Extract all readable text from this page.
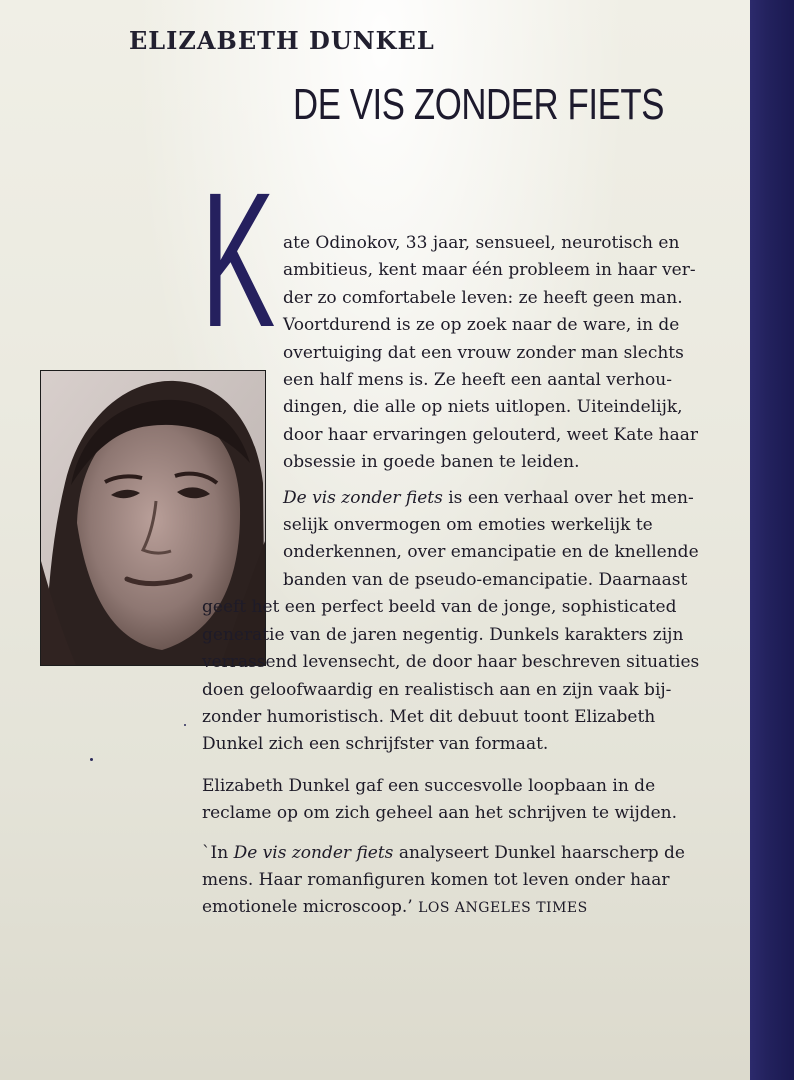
ELIZABETH DUNKEL
DE VIS ZONDER FIETS
K ate Odinokov, 33 jaar, sensueel, neurotisch en
ambitieus, kent maar één probleem in haar ver-
der zo comfortabele leven: ze heeft geen man.
Voortdurend is ze op zoek naar de ware, in de
overtuiging dat een vrouw zonder man slechts
een half mens is. Ze heeft een aantal verhou-
dingen, die alle op niets uitlopen. Uiteindelijk,
door haar ervaringen gelouterd, weet Kate haar
obsessie in goede banen te leiden.
De vis zonder fiets is een verhaal over het men-
selijk onvermogen om emoties werkelijk te
onderkennen, over emancipatie en de knellende
banden van de pseudo-emancipatie. Daarnaast
geeft het een perfect beeld van de jonge, sophisticated
generatie van de jaren negentig. Dunkels karakters zijn
verrassend levensecht, de door haar beschreven situaties
doen geloofwaardig en realistisch aan en zijn vaak bij-
zonder humoristisch. Met dit debuut toont Elizabeth
Dunkel zich een schrijfster van formaat.
Elizabeth Dunkel gaf een succesvolle loopbaan in de
reclame op om zich geheel aan het schrijven te wijden.
`In De vis zonder fiets analyseert Dunkel haarscherp de
mens. Haar romanfiguren komen tot leven onder haar
emotionele microscoop.’ LOS ANGELES TIMES
